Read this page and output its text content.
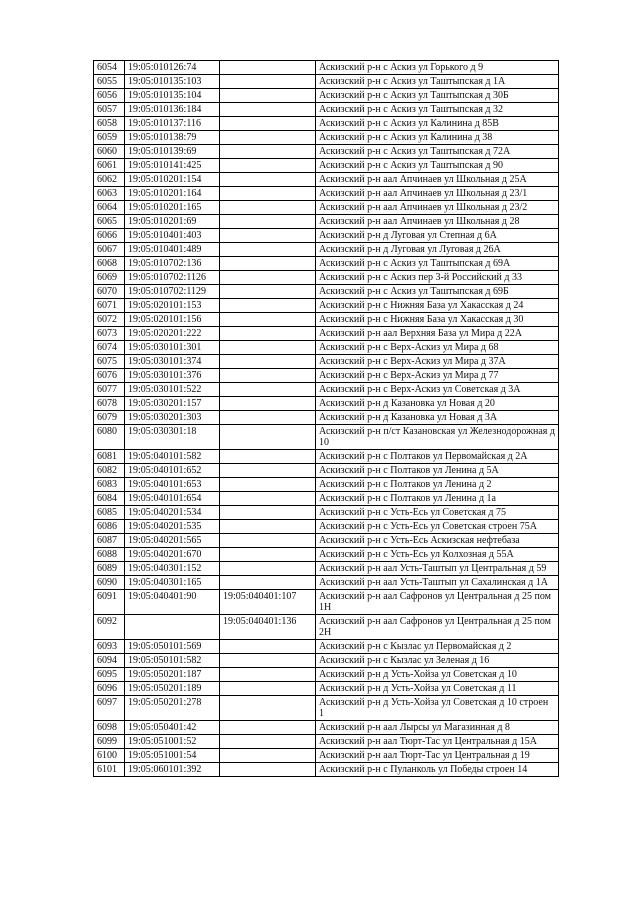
6054	19:05:010126:74		Аскизский р-н с Аскиз ул Горького д 9
6055	19:05:010135:103		Аскизский р-н с Аскиз ул Таштыпская д 1А
6056	19:05:010135:104		Аскизский р-н с Аскиз ул Таштыпская д 30Б
6057	19:05:010136:184		Аскизский р-н с Аскиз ул Таштыпская д 32
6058	19:05:010137:116		Аскизский р-н с Аскиз ул Калинина д 85В
6059	19:05:010138:79		Аскизский р-н с Аскиз ул Калинина д 38
6060	19:05:010139:69		Аскизский р-н с Аскиз ул Таштыпская д 72А
6061	19:05:010141:425		Аскизский р-н с Аскиз ул Таштыпская д 90
6062	19:05:010201:154		Аскизский р-н аал Апчинаев ул Школьная д 25А
6063	19:05:010201:164		Аскизский р-н аал Апчинаев ул Школьная д 23/1
6064	19:05:010201:165		Аскизский р-н аал Апчинаев ул Школьная д 23/2
6065	19:05:010201:69		Аскизский р-н аал Апчинаев ул Школьная д 28
6066	19:05:010401:403		Аскизский р-н д Луговая ул Степная д 6А
6067	19:05:010401:489		Аскизский р-н д Луговая ул Луговая д 26А
6068	19:05:010702:136		Аскизский р-н с Аскиз ул Таштыпская д 69А
6069	19:05:010702:1126		Аскизский р-н с Аскиз пер 3-й Российский д 33
6070	19:05:010702:1129		Аскизский р-н с Аскиз ул Таштыпская д 69Б
6071	19:05:020101:153		Аскизский р-н с Нижняя База ул Хакасская д 24
6072	19:05:020101:156		Аскизский р-н с Нижняя База ул Хакасская д 30
6073	19:05:020201:222		Аскизский р-н аал Верхняя База ул Мира д 22А
6074	19:05:030101:301		Аскизский р-н с Верх-Аскиз ул Мира д 68
6075	19:05:030101:374		Аскизский р-н с Верх-Аскиз ул Мира д 37А
6076	19:05:030101:376		Аскизский р-н с Верх-Аскиз ул Мира д 77
6077	19:05:030101:522		Аскизский р-н с Верх-Аскиз ул Советская д 3А
6078	19:05:030201:157		Аскизский р-н д Казановка ул Новая д 20
6079	19:05:030201:303		Аскизский р-н д Казановка ул Новая д 3А
6080	19:05:030301:18		Аскизский р-н п/ст Казановская ул Железнодорожная д 10
6081	19:05:040101:582		Аскизский р-н с Полтаков ул Первомайская д 2А
6082	19:05:040101:652		Аскизский р-н с Полтаков ул Ленина д 5А
6083	19:05:040101:653		Аскизский р-н с Полтаков ул Ленина д 2
6084	19:05:040101:654		Аскизский р-н с Полтаков ул Ленина д 1а
6085	19:05:040201:534		Аскизский р-н с Усть-Есь ул Советская д 75
6086	19:05:040201:535		Аскизский р-н с Усть-Есь ул Советская строен 75А
6087	19:05:040201:565		Аскизский р-н с Усть-Есь Аскизская нефтебаза
6088	19:05:040201:670		Аскизский р-н с Усть-Есь ул Колхозная д 55А
6089	19:05:040301:152		Аскизский р-н аал Усть-Таштып ул Центральная д 59
6090	19:05:040301:165		Аскизский р-н аал Усть-Таштып ул Сахалинская д 1А
6091	19:05:040401:90	19:05:040401:107	Аскизский р-н аал Сафронов ул Центральная д 25 пом 1Н
6092		19:05:040401:136	Аскизский р-н аал Сафронов ул Центральная д 25 пом 2Н
6093	19:05:050101:569		Аскизский р-н с Кызлас ул Первомайская д 2
6094	19:05:050101:582		Аскизский р-н с Кызлас ул Зеленая д 16
6095	19:05:050201:187		Аскизский р-н д Усть-Хойза ул Советская д 10
6096	19:05:050201:189		Аскизский р-н д Усть-Хойза ул Советская д 11
6097	19:05:050201:278		Аскизский р-н д Усть-Хойза ул Советская д 10 строен 1
6098	19:05:050401:42		Аскизский р-н аал Лырсы ул Магазинная д 8
6099	19:05:051001:52		Аскизский р-н аал Тюрт-Тас ул Центральная д 15А
6100	19:05:051001:54		Аскизский р-н аал Тюрт-Тас ул Центральная д 19
6101	19:05:060101:392		Аскизский р-н с Пуланколь ул Победы строен 14
